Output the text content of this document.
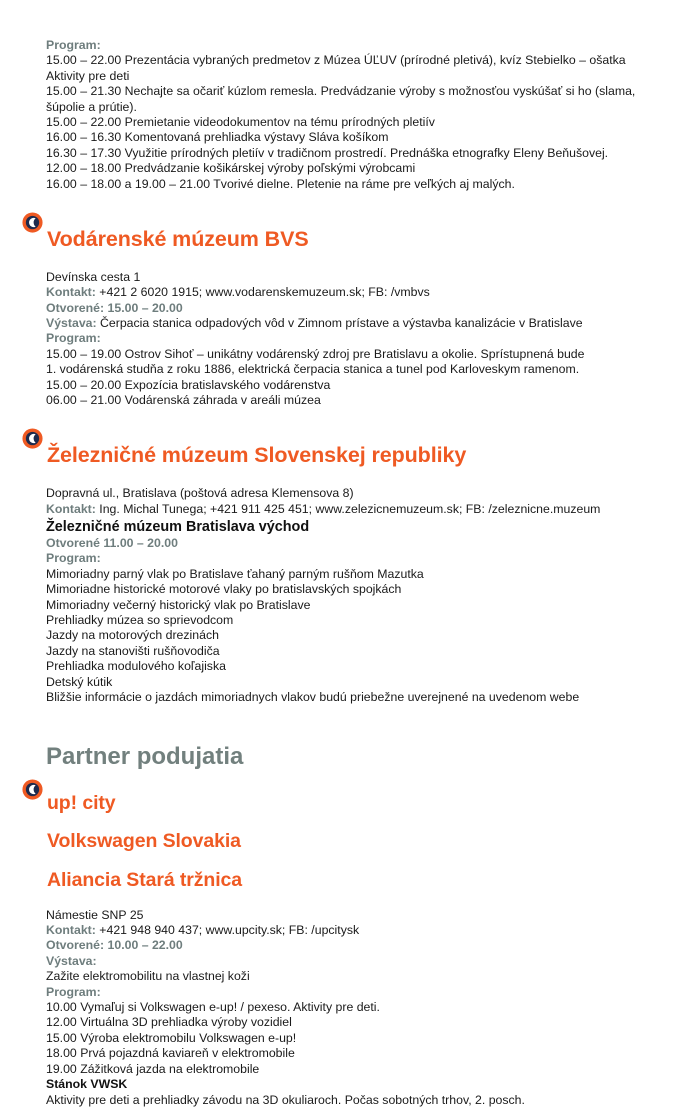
Program:
15.00 – 22.00 Prezentácia vybraných predmetov z Múzea ÚĽUV (prírodné pletivá), kvíz Stebielko – ošatka
Aktivity pre deti
15.00 – 21.30 Nechajte sa očariť kúzlom remesla. Predvádzanie výroby s možnosťou vyskúšať si ho (slama,
šúpolie a prútie).
15.00 – 22.00 Premietanie videodokumentov na tému prírodných pletiív
16.00 – 16.30 Komentovaná prehliadka výstavy Sláva košíkom
16.30 – 17.30 Využitie prírodných pletiív v tradičnom prostredí. Prednáška etnografky Eleny Beňušovej.
12.00 – 18.00 Predvádzanie košikárskej výroby poľskými výrobcami
16.00 – 18.00 a 19.00 – 21.00 Tvorivé dielne. Pletenie na ráme pre veľkých aj malých.
Vodárenské múzeum BVS
Devínska cesta 1
Kontakt: +421 2 6020 1915; www.vodarenskemuzeum.sk; FB: /vmbvs
Otvorené: 15.00 – 20.00
Výstava: Čerpacia stanica odpadových vôd v Zimnom prístave a výstavba kanalizácie v Bratislave
Program:
15.00 – 19.00 Ostrov Sihoť – unikátny vodárenský zdroj pre Bratislavu a okolie. Sprístupnená bude
1. vodárenská studňa z roku 1886, elektrická čerpacia stanica a tunel pod Karloveskym ramenom.
15.00 – 20.00 Expozícia bratislavského vodárenstva
06.00 – 21.00 Vodárenská záhrada v areáli múzea
Železničné múzeum Slovenskej republiky
Dopravná ul., Bratislava (poštová adresa Klemensova 8)
Kontakt: Ing. Michal Tunega; +421 911 425 451; www.zelezicnemuzeum.sk; FB: /zeleznicne.muzeum
Železničné múzeum Bratislava východ
Otvorené 11.00 – 20.00
Program:
Mimoriadny parný vlak po Bratislave ťahaný parným rušňom Mazutka
Mimoriadne historické motorové vlaky po bratislavských spojkách
Mimoriadny večerný historický vlak po Bratislave
Prehliadky múzea so sprievodcom
Jazdy na motorových drezinách
Jazdy na stanovišti rušňovodiča
Prehliadka modulového koľajiska
Detský kútik
Bližšie informácie o jazdách mimoriadnych vlakov budú priebežne uverejnené na uvedenom webe
Partner podujatia
up! city
Volkswagen Slovakia
Aliancia Stará tržnica
Námestie SNP 25
Kontakt: +421 948 940 437; www.upcity.sk; FB: /upcitysk
Otvorené: 10.00 – 22.00
Výstava:
Zažite elektromobilitu na vlastnej koži
Program:
10.00 Vymaľuj si Volkswagen e-up! / pexeso. Aktivity pre deti.
12.00 Virtuálna 3D prehliadka výroby vozidiel
15.00 Výroba elektromobilu Volkswagen e-up!
18.00 Prvá pojazdná kaviareň v elektromobile
19.00 Zážitková jazda na elektromobile
Stánok VWSK
Aktivity pre deti a prehliadky závodu na 3D okuliaroch. Počas sobotných trhov, 2. posch.
